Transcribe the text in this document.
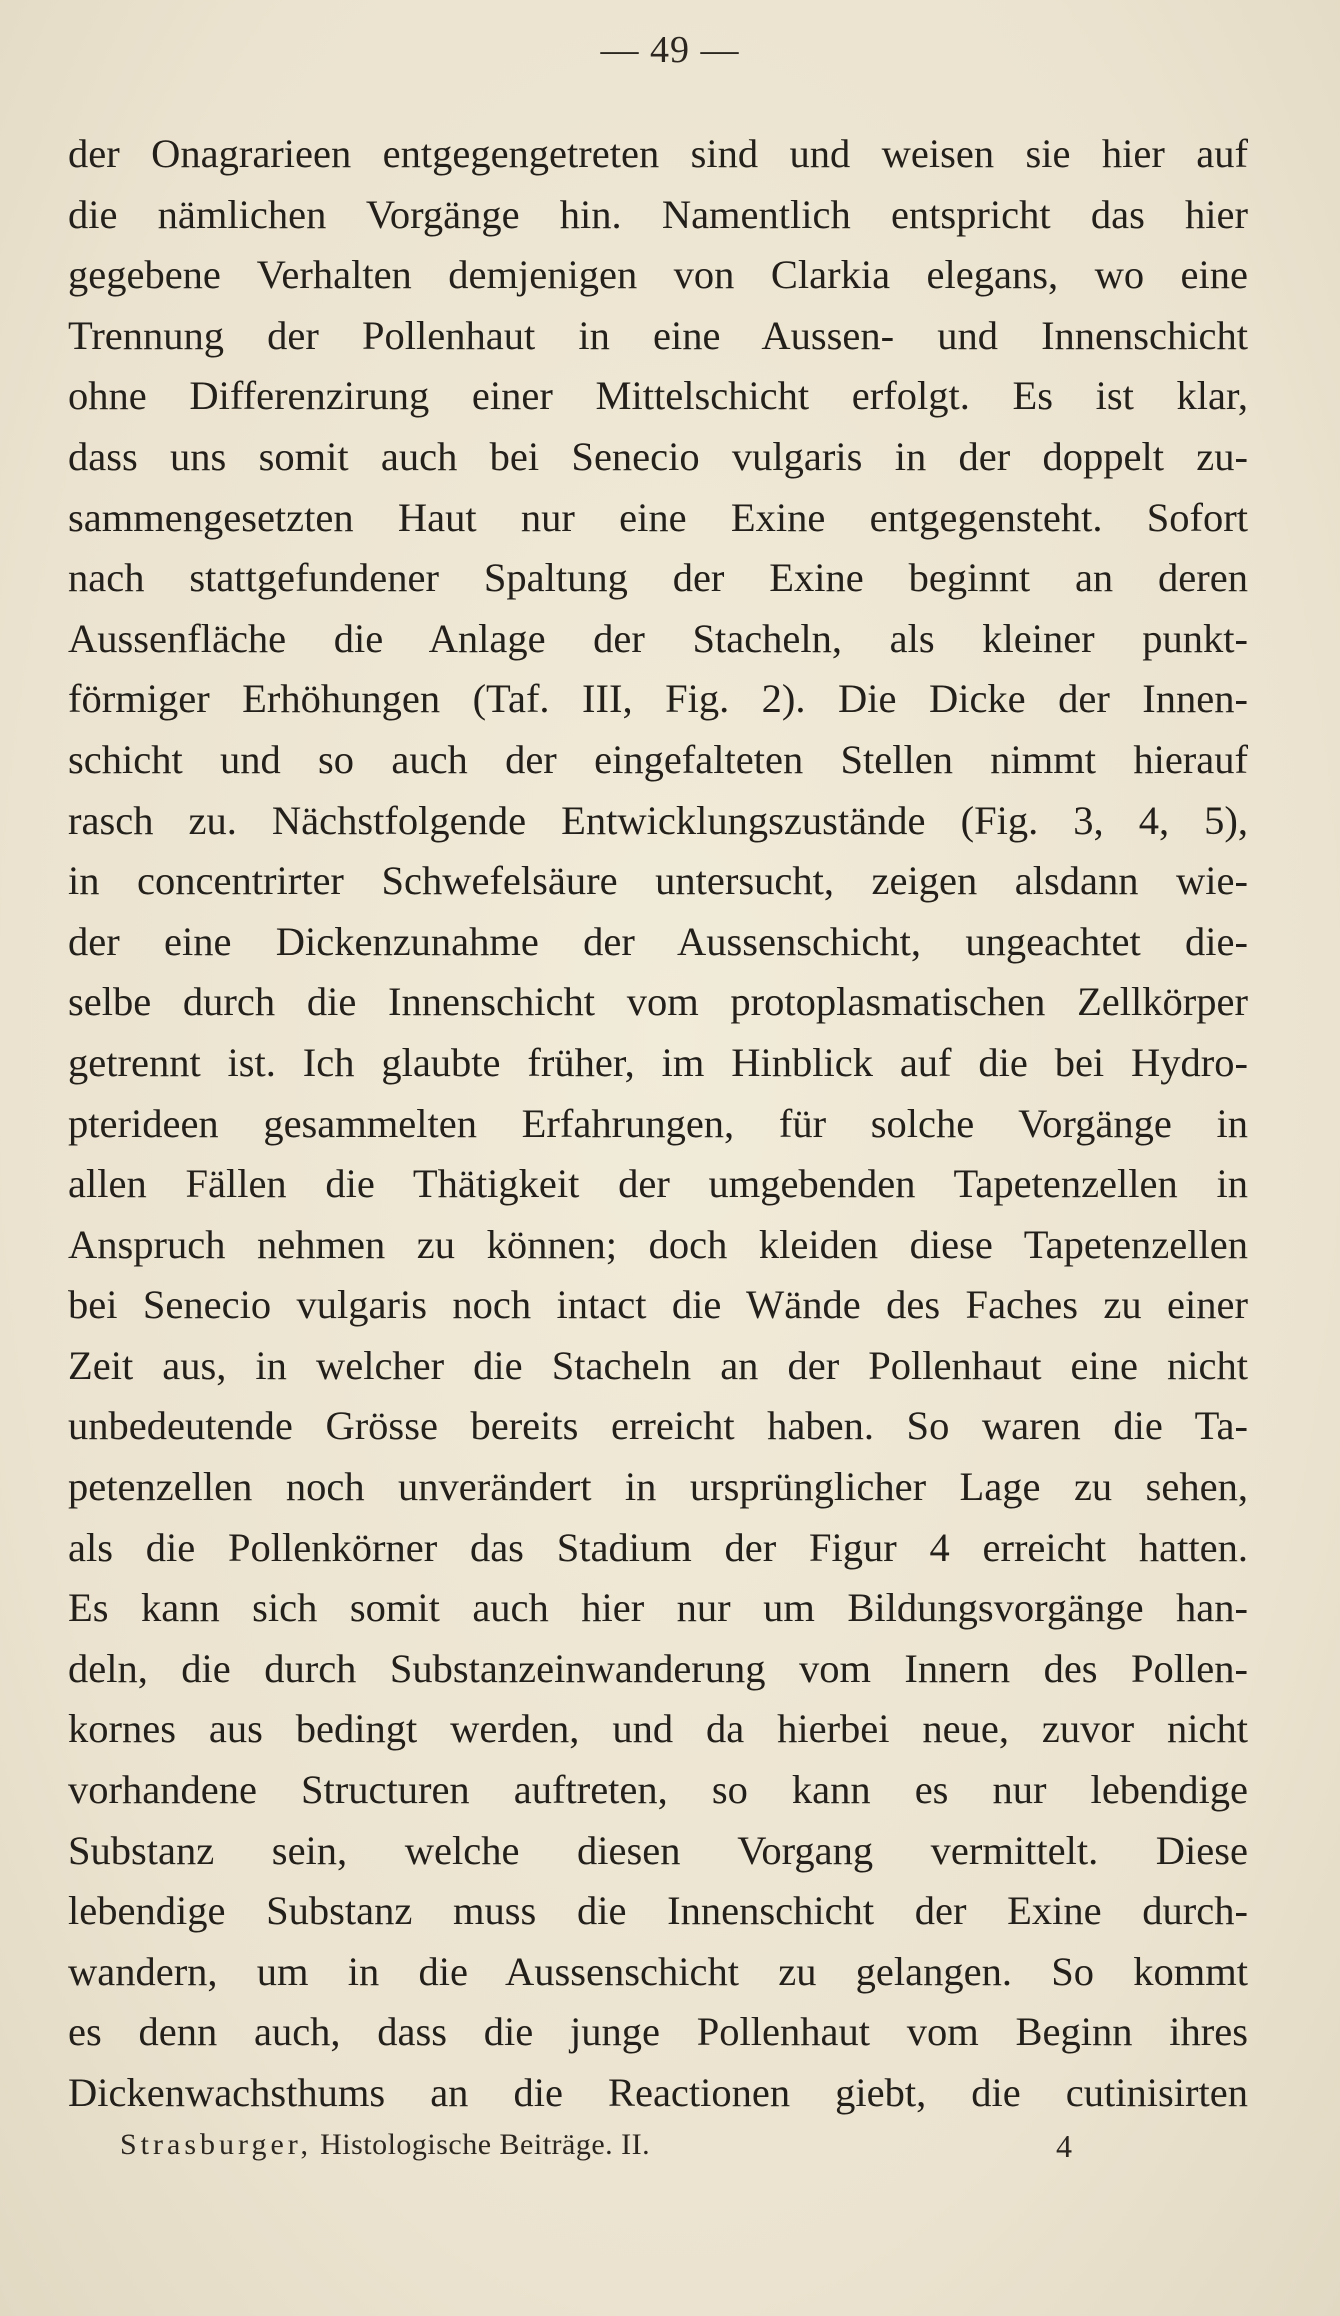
— 49 —
der Onagrarieen entgegengetreten sind und weisen sie hier auf
die nämlichen Vorgänge hin. Namentlich entspricht das hier
gegebene Verhalten demjenigen von Clarkia elegans, wo eine
Trennung der Pollenhaut in eine Aussen- und Innenschicht
ohne Differenzirung einer Mittelschicht erfolgt. Es ist klar,
dass uns somit auch bei Senecio vulgaris in der doppelt zu-
sammengesetzten Haut nur eine Exine entgegensteht. Sofort
nach stattgefundener Spaltung der Exine beginnt an deren
Aussenfläche die Anlage der Stacheln, als kleiner punkt-
förmiger Erhöhungen (Taf. III, Fig. 2). Die Dicke der Innen-
schicht und so auch der eingefalteten Stellen nimmt hierauf
rasch zu. Nächstfolgende Entwicklungszustände (Fig. 3, 4, 5),
in concentrirter Schwefelsäure untersucht, zeigen alsdann wie-
der eine Dickenzunahme der Aussenschicht, ungeachtet die-
selbe durch die Innenschicht vom protoplasmatischen Zellkörper
getrennt ist. Ich glaubte früher, im Hinblick auf die bei Hydro-
pterideen gesammelten Erfahrungen, für solche Vorgänge in
allen Fällen die Thätigkeit der umgebenden Tapetenzellen in
Anspruch nehmen zu können; doch kleiden diese Tapetenzellen
bei Senecio vulgaris noch intact die Wände des Faches zu einer
Zeit aus, in welcher die Stacheln an der Pollenhaut eine nicht
unbedeutende Grösse bereits erreicht haben. So waren die Ta-
petenzellen noch unverändert in ursprünglicher Lage zu sehen,
als die Pollenkörner das Stadium der Figur 4 erreicht hatten.
Es kann sich somit auch hier nur um Bildungsvorgänge han-
deln, die durch Substanzeinwanderung vom Innern des Pollen-
kornes aus bedingt werden, und da hierbei neue, zuvor nicht
vorhandene Structuren auftreten, so kann es nur lebendige
Substanz sein, welche diesen Vorgang vermittelt. Diese
lebendige Substanz muss die Innenschicht der Exine durch-
wandern, um in die Aussenschicht zu gelangen. So kommt
es denn auch, dass die junge Pollenhaut vom Beginn ihres
Dickenwachsthums an die Reactionen giebt, die cutinisirten
Strasburger, Histologische Beiträge. II.	4
